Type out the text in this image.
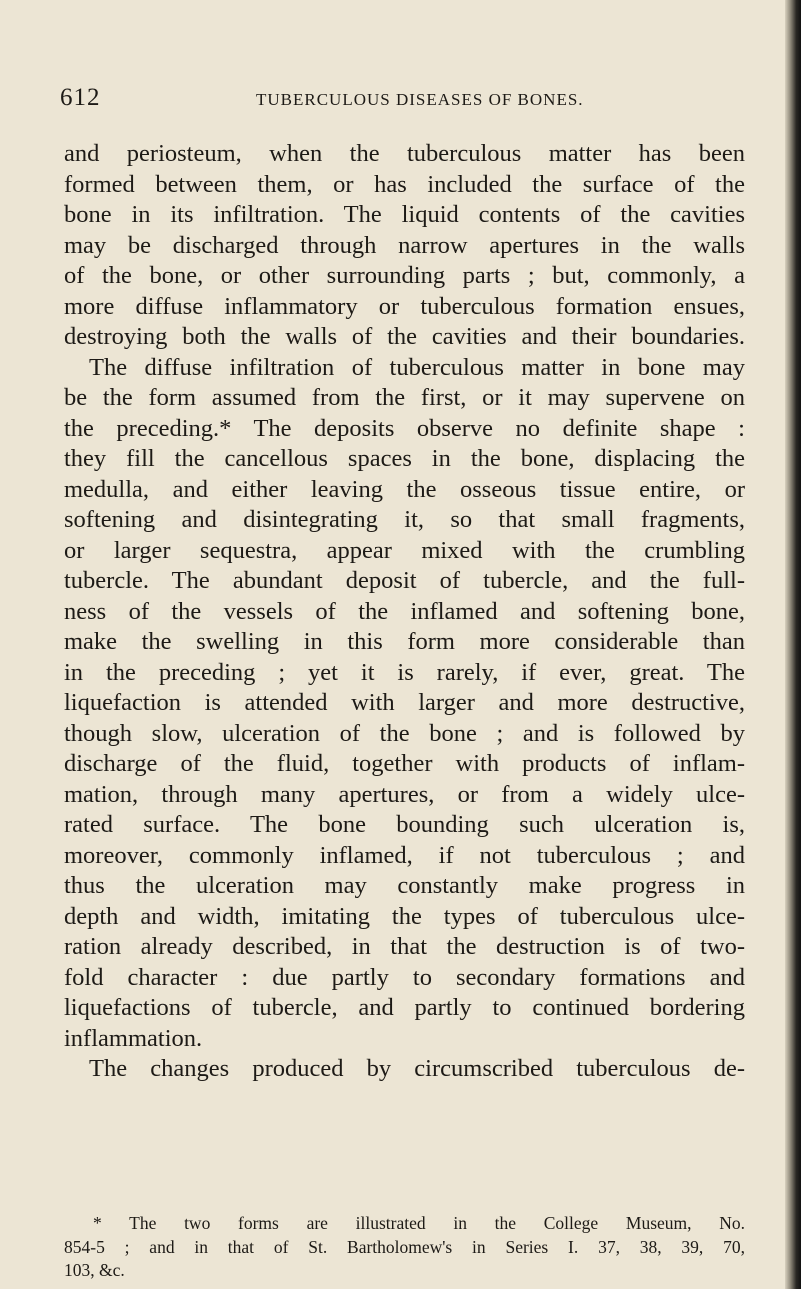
612	TUBERCULOUS DISEASES OF BONES.
and periosteum, when the tuberculous matter has been
formed between them, or has included the surface of the
bone in its infiltration. The liquid contents of the cavities
may be discharged through narrow apertures in the walls
of the bone, or other surrounding parts ; but, commonly, a
more diffuse inflammatory or tuberculous formation ensues,
destroying both the walls of the cavities and their boundaries.
The diffuse infiltration of tuberculous matter in bone may
be the form assumed from the first, or it may supervene on
the preceding.* The deposits observe no definite shape :
they fill the cancellous spaces in the bone, displacing the
medulla, and either leaving the osseous tissue entire, or
softening and disintegrating it, so that small fragments,
or larger sequestra, appear mixed with the crumbling
tubercle. The abundant deposit of tubercle, and the full-
ness of the vessels of the inflamed and softening bone,
make the swelling in this form more considerable than
in the preceding ; yet it is rarely, if ever, great. The
liquefaction is attended with larger and more destructive,
though slow, ulceration of the bone ; and is followed by
discharge of the fluid, together with products of inflam-
mation, through many apertures, or from a widely ulce-
rated surface. The bone bounding such ulceration is,
moreover, commonly inflamed, if not tuberculous ; and
thus the ulceration may constantly make progress in
depth and width, imitating the types of tuberculous ulce-
ration already described, in that the destruction is of two-
fold character : due partly to secondary formations and
liquefactions of tubercle, and partly to continued bordering
inflammation.
The changes produced by circumscribed tuberculous de-
* The two forms are illustrated in the College Museum, No.
854-5 ; and in that of St. Bartholomew's in Series I. 37, 38, 39, 70,
103, &c.
